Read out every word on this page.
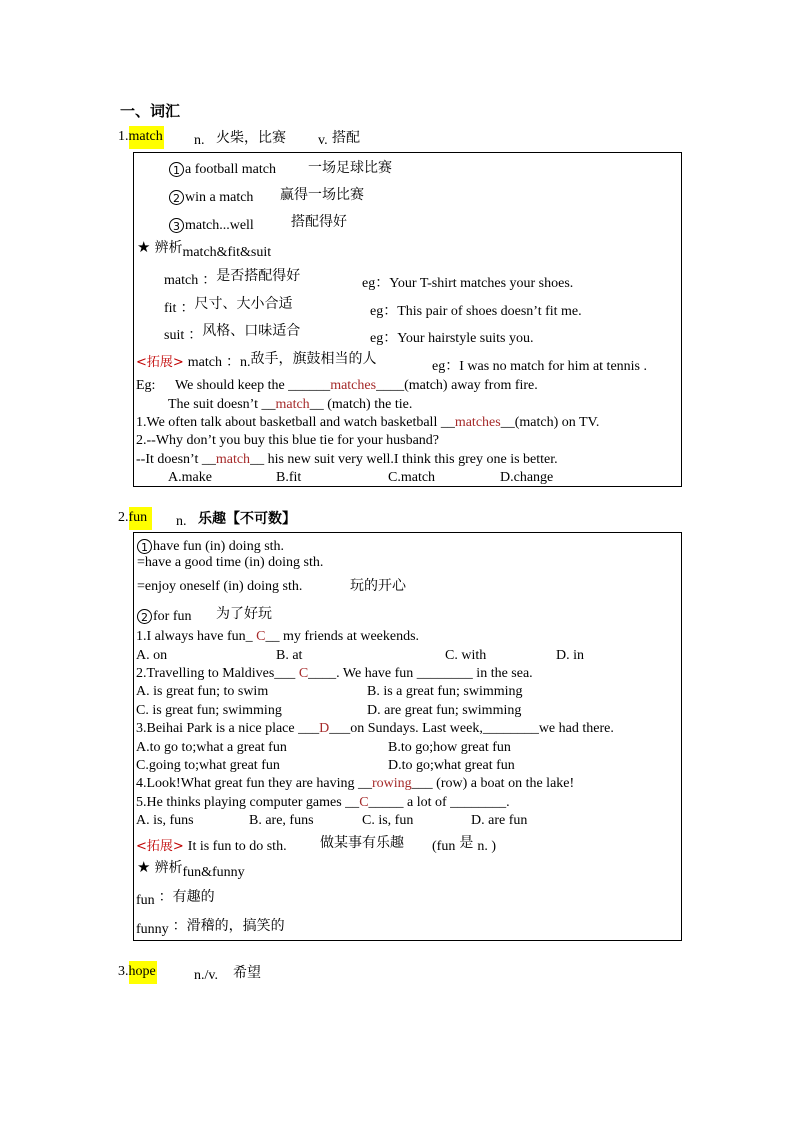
一、词汇
1.match n. 火柴，比赛 v. 搭配
1 a football match 一场足球比赛
2 win a match 赢得一场比赛
3 match...well	搭配得好
★ 辨析match&fit&suit
match ：是否搭配得好	eg：Your T-shirt matches your shoes.
fit ：尺寸、大小合适	eg：This pair of shoes doesn’t fit me.
suit ：风格、口味适合	eg：Your hairstyle suits you.
<拓展> match ：n.敌手，旗鼓相当的人	eg：I was no match for him at tennis .
Eg: We should keep the ______matches____(match) away from fire.
The suit doesn’t __match__ (match) the tie.
1.We often talk about basketball and watch basketball __matches__(match) on TV.
2.--Why don’t you buy this blue tie for your husband?
--It doesn’t __match__ his new suit very well.I think this grey one is better.
A.make	B.fit	C.match	D.change
2.fun	n. 乐趣【不可数】
1 have fun (in) doing sth.
=have a good time (in) doing sth.
=enjoy oneself (in) doing sth.	玩的开心
2 for fun 为了好玩
1.I always have fun_ C__ my friends at weekends.
A. on	B. at	C. with	D. in
2.Travelling to Maldives___ C____. We have fun ________ in the sea.
A. is great fun; to swim	B. is a great fun; swimming
C. is great fun; swimming	D. are great fun; swimming
3.Beihai Park is a nice place ___D___on Sundays. Last week,________we had there.
A.to go to;what a great fun	B.to go;how great fun
C.going to;what great fun	D.to go;what great fun
4.Look!What great fun they are having __rowing___ (row) a boat on the lake!
5.He thinks playing computer games __C_____ a lot of ________.
A. is, funs	B. are, funs	C. is, fun	D. are fun
<拓展> It is fun to do sth. 做某事有乐趣 (fun 是 n. )
★ 辨析fun&funny
fun ：有趣的
funny ：滑稽的，搞笑的
3.hope	n./v. 希望
